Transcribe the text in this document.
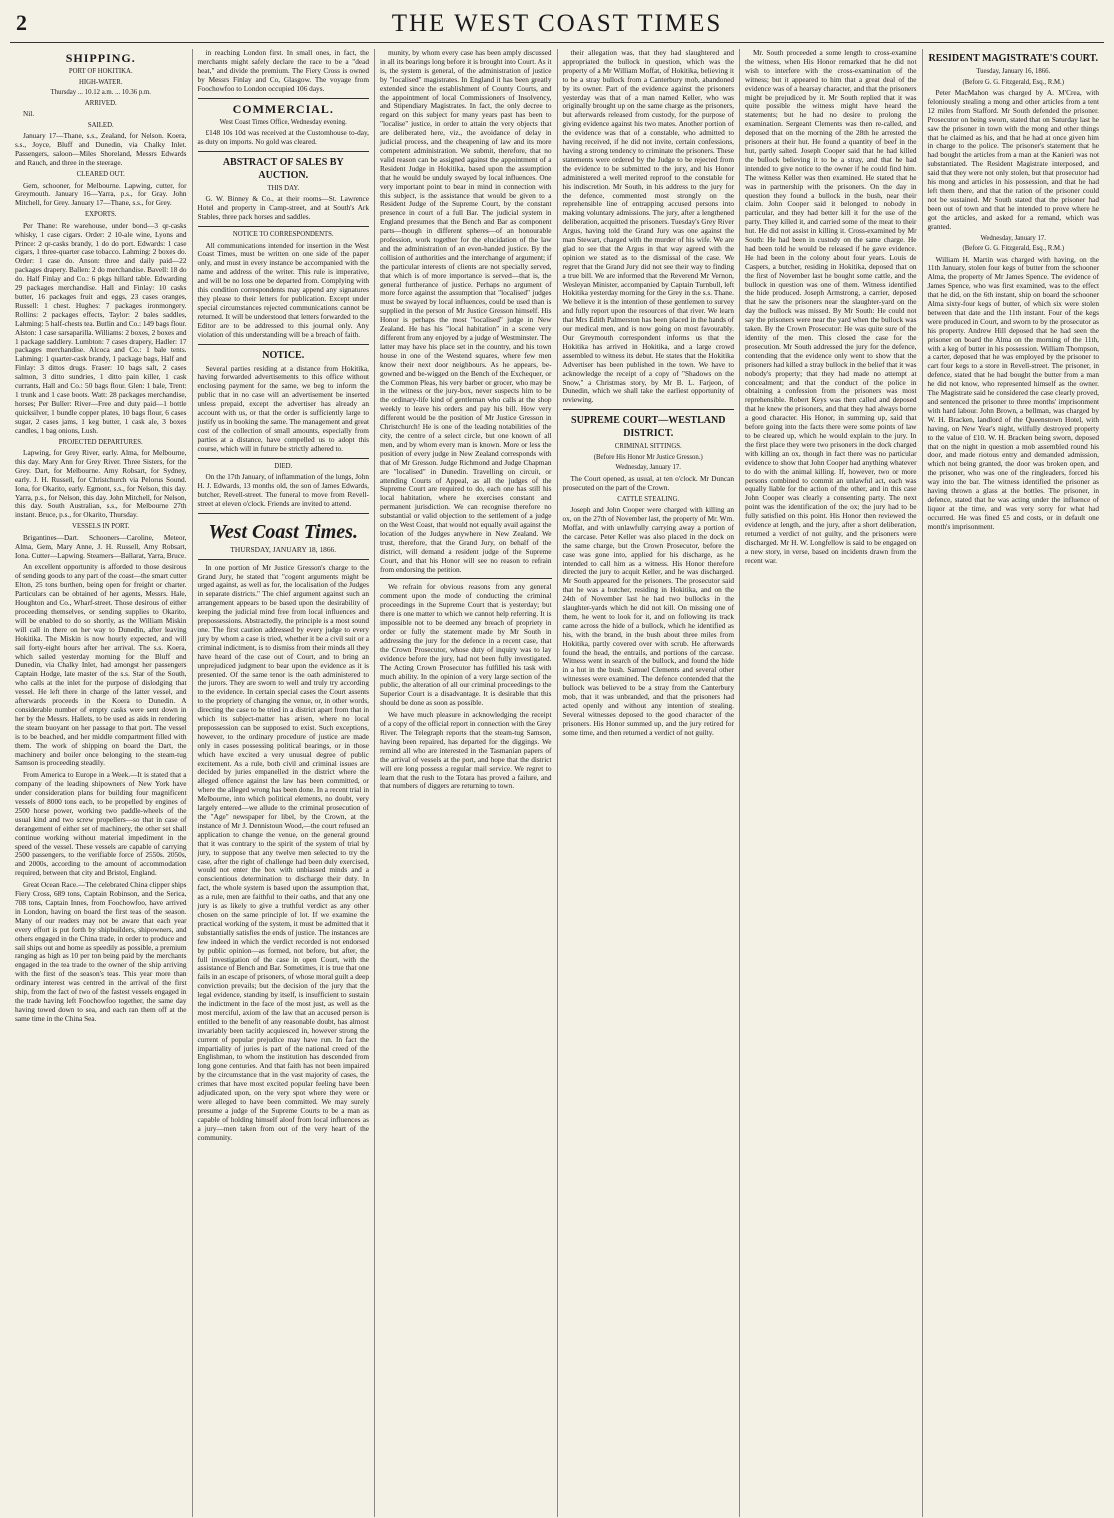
2	THE WEST COAST TIMES
SHIPPING.
PORT OF HOKITIKA.
HIGH-WATER.
Thursday ... 10.12 a.m. ... 10.36 p.m.
ARRIVED.

Nil.

SAILED.

January 17—Thane, s.s., Zealand, for Nelson. Koera, s.s., Joyce, Bluff and Dunedin, via Chalky Inlet. Passengers, saloon—Miles Shoreland, Messrs Edwards and Rauch, and three in the steerage.

CLEARED OUT.

Gem, schooner, for Melbourne. Lapwing, cutter, for Greymouth. January 16—Yarra, p.s., for Gray. John Mitchell, for Grey. January 17—Thane, s.s., for Grey.

EXPORTS.

Per Thane: Re warehouse, under bond—3 qr-casks whisky, 1 case cigars. Order: 2 10-ale wine, Lyons and Prince: 2 qr-casks brandy, 1 do do port. Edwards: 1 case cigars, 1 three-quarter case tobacco. Lahming: 2 boxes do. Order: 1 case do. Anson: three and daily paid—22 packages drapery. Ballen: 2 do merchandise. Bavell: 18 do do. Half Finlay and Co.: 6 pkgs hillard table. Edwarding 29 packages merchandise. Hall and Finlay: 10 casks butter, 16 packages fruit and eggs, 23 cases oranges, Russell: 1 chest. Hughes: 7 packages ironmongery. Rollins: 2 packages effects, Taylor: 2 bales saddles, Lahming: 5 half-chests tea. Butlin and Co.: 149 bags flour. Alston: 1 case sarsaparilla. Williams: 2 boxes, 2 boxes and 1 package saddlery. Lumbton: 7 cases drapery, Hadler: 17 packages merchandise. Alcoca and Co.: 1 bale tents. Lahming: 1 quarter-cask brandy, 1 package bags, Half and Finlay: 3 dittos drugs. Fraser: 10 bags salt, 2 cases salmon, 3 ditto sundries, 1 ditto pain killer, 1 cask currants, Hall and Co.: 50 bags flour. Glen: 1 bale, Trent: 1 trunk and 1 case boots. Watt: 28 packages merchandise, horses; Per Buller: River—Free and duty paid—1 bottle quicksilver, 1 bundle copper plates, 10 bags flour, 6 cases sugar, 2 cases jams, 1 keg butter, 1 cask ale, 3 boxes candles, 1 bag onions, Lush.

PROJECTED DEPARTURES.

Lapwing, for Grey River, early. Alma, for Melbourne, this day. Mary Ann for Grey River. Three Sisters, for the Grey. Dart, for Melbourne. Amy Robsart, for Sydney, early. J. H. Russell, for Christchurch via Pelorus Sound. Iona, for Okarito, early. Egmont, s.s., for Nelson, this day. Yarra, p.s., for Nelson, this day. John Mitchell, for Nelson, this day. South Australian, s.s., for Melbourne 27th instant. Bruce, p.s., for Okarito, Thursday.

VESSELS IN PORT.

Brigantines—Dart. Schooners—Caroline, Meteor, Alma, Gem, Mary Anne, J. H. Russell, Amy Robsart, Iona. Cutter—Lapwing. Steamers—Ballarat, Yarra, Bruce.

An excellent opportunity is afforded to those desirous of sending goods to any part of the coast—the smart cutter Elton, 25 tons burthen, being open for freight or charter. Particulars can be obtained of her agents, Messrs. Hale, Houghton and Co., Wharf-street. Those desirous of either proceeding themselves, or sending supplies to Okarito, will be enabled to do so shortly, as the William Miskin will call in there on her way to Dunedin, after leaving Hokitika. The Miskin is now hourly expected, and will sail forty-eight hours after her arrival. The s.s. Koera, which sailed yesterday morning for the Bluff and Dunedin, via Chalky Inlet, had amongst her passengers Captain Hodge, late master of the s.s. Star of the South, who calls at the inlet for the purpose of dislodging that vessel. He left there in charge of the latter vessel, and afterwards proceeds in the Koera to Dunedin. A considerable number of empty casks were sent down in her by the Messrs. Hallets, to be used as aids in rendering the steam buoyant on her passage to that port. The vessel is to be beached, and her middle compartment filled with them. The work of shipping on board the Dart, the machinery and boiler once belonging to the steam-tug Samson is proceeding steadily.

From America to Europe in a Week.—It is stated that a company of the leading shipowners of New York have under consideration plans for building four magnificent vessels of 8000 tons each, to be propelled by engines of 2500 horse power, working two paddle-wheels of the usual kind and two screw propellers—so that in case of derangement of either set of machinery, the other set shall continue working without material impediment in the speed of the vessel. These vessels are capable of carrying 2500 passengers, to the verifiable force of 2550s. 2050s, and 2000s, according to the amount of accommodation required, between that city and Bristol, England.

Great Ocean Race.—The celebrated China clipper ships Fiery Cross, 689 tons, Captain Robinson, and the Serica, 708 tons, Captain Innes, from Foochowfoo, have arrived in London, having on board the first teas of the season. Many of our readers may not be aware that each year every effort is put forth by shipbuilders, shipowners, and others engaged in the China trade, in order to produce and sail ships out and home as speedily as possible, a premium ranging as high as 10 per ton being paid by the merchants engaged in the tea trade to the owner of the ship arriving with the first of the season's teas. This year more than ordinary interest was centred in the arrival of the first ship, from the fact of two of the fastest vessels engaged in the trade having left Foochowfoo together, the same day having towed down to sea, and each ran them off at the same time in the China Sea.

in reaching London first. In small ones, in fact, the merchants might safely declare the race to be a "dead heat," and divide the premium. The Fiery Cross is owned by Messrs Finlay and Co, Glasgow. The voyage from Foochowfoo to London occupied 106 days.

COMMERCIAL.
West Coast Times Office, Wednesday evening.

£148 10s 10d was received at the Customhouse to-day, as duty on imports. No gold was cleared.

ABSTRACT OF SALES BY AUCTION.
THIS DAY.

G. W. Binney & Co., at their rooms—St. Lawrence Hotel and property in Camp-street, and at South's Ark Stables, three pack horses and saddles.

NOTICE TO CORRESPONDENTS.

All communications intended for insertion in the West Coast Times, must be written on one side of the paper only, and must in every instance be accompanied with the name and address of the writer. This rule is imperative, and will be no loss one be departed from. Complying with this condition correspondents may append any signatures they please to their letters for publication. Except under special circumstances rejected communications cannot be returned. It will be understood that letters forwarded to the Editor are to be addressed to this journal only. Any violation of this understanding will be a breach of faith.

NOTICE.

Several parties residing at a distance from Hokitika, having forwarded advertisements to this office without enclosing payment for the same, we beg to inform the public that in no case will an advertisement be inserted unless prepaid, except the advertiser has already an account with us, or that the order is sufficiently large to justify us in booking the same. The management and great cost of the collection of small amounts, especially from parties at a distance, have compelled us to adopt this course, which will in future be strictly adhered to.

DIED.

On the 17th January, of inflammation of the lungs, John H. J. Edwards, 13 months old, the son of James Edwards, butcher, Revell-street. The funeral to move from Revell-street at eleven o'clock. Friends are invited to attend.

West Coast Times.
THURSDAY, JANUARY 18, 1866.

In one portion of Mr Justice Gresson's charge to the Grand Jury, he stated that "cogent arguments might be urged against, as well as for, the localisation of the Judges in separate districts." The chief argument against such an arrangement appears to be based upon the desirability of keeping the judicial mind free from local influences and prepossessions. Abstractedly, the principle is a most sound one. The first caution addressed by every judge to every jury by whom a case is tried, whether it be a civil suit or a criminal indictment, is to dismiss from their minds all they have heard of the case out of Court, and to bring an unprejudiced judgment to bear upon the evidence as it is presented. Of the same tenor is the oath administered to the jurors. They are sworn to well and truly try according to the evidence. In certain special cases the Court assents to the propriety of changing the venue, or, in other words, directing the case to be tried in a district apart from that in which its subject-matter has arisen, where no local prepossession can be supposed to exist. Such exceptions, however, to the ordinary procedure of justice are made only in cases possessing political bearings, or in those which have excited a very unusual degree of public excitement. As a rule, both civil and criminal issues are decided by juries empanelled in the district where the alleged offence against the law has been committed, or where the alleged wrong has been done. In a recent trial in Melbourne, into which political elements, no doubt, very largely entered—we allude to the criminal prosecution of the "Age" newspaper for libel, by the Crown, at the instance of Mr J. Dennistoun Wood,—the court refused an application to change the venue, on the general ground that it was contrary to the spirit of the system of trial by jury, to suppose that any twelve men selected to try the case, after the right of challenge had been duly exercised, would not enter the box with unbiassed minds and a conscientious determination to discharge their duty. In fact, the whole system is based upon the assumption that, as a rule, men are faithful to their oaths, and that any one jury is as likely to give a truthful verdict as any other chosen on the same principle of lot. If we examine the practical working of the system, it must be admitted that it substantially satisfies the ends of justice. The instances are few indeed in which the verdict recorded is not endorsed by public opinion—as formed, not before, but after, the full investigation of the case in open Court, with the assistance of Bench and Bar. Sometimes, it is true that one fails in an escape of prisoners, of whose moral guilt a deep conviction prevails; but the decision of the jury that the legal evidence, standing by itself, is insufficient to sustain the indictment in the face of the most just, as well as the most merciful, axiom of the law that an accused person is entitled to the benefit of any reasonable doubt, has almost invariably been tacitly acquiesced in, however strong the current of popular prejudice may have run. In fact the impartiality of juries is part of the national creed of the Englishman, to whom the institution has descended from long gone centuries. And that faith has not been impaired by the circumstance that in the vast majority of cases, the crimes that have most excited popular feeling have been adjudicated upon, on the very spot where they were or were alleged to have been committed. We may surely presume a judge of the Supreme Courts to be a man as capable of holding himself aloof from local influences as a jury—men taken from out of the very heart of the community.

munity, by whom every case has been amply discussed in all its bearings long before it is brought into Court. As it is, the system is general, of the administration of justice by "localised" magistrates. In England it has been greatly extended since the establishment of County Courts, and the appointment of local Commissioners of Insolvency, and Stipendiary Magistrates. In fact, the only decree to regard on this subject for many years past has been to "localise" justice, in order to attain the very objects that are deliberated here, viz., the avoidance of delay in judicial process, and the cheapening of law and its more competent administration. We submit, therefore, that no valid reason can be assigned against the appointment of a Resident Judge in Hokitika, based upon the assumption that he would be unduly swayed by local influences. One very important point to bear in mind in connection with this subject, is the assistance that would be given to a Resident Judge of the Supreme Court, by the constant presence in court of a full Bar. The judicial system in England presumes that the Bench and Bar as component parts—though in different spheres—of an honourable profession, work together for the elucidation of the law and the administration of an even-handed justice. By the collision of authorities and the interchange of argument; if the particular interests of clients are not specially served, that which is of more importance is served—that is, the general furtherance of justice. Perhaps no argument of more force against the assumption that "localised" judges must be swayed by local influences, could be used than is supplied in the person of Mr Justice Gresson himself. His Honor is perhaps the most "localised" judge in New Zealand. He has his "local habitation" in a scene very different from any enjoyed by a judge of Westminster. The latter may have his place set in the country, and his town house in one of the Westend squares, where few men know their next door neighbours. As he appears, be-gowned and be-wigged on the Bench of the Exchequer, or the Common Pleas, his very barber or grocer, who may be in the witness or the jury-box, never suspects him to be the ordinary-life kind of gentleman who calls at the shop weekly to leave his orders and pay his bill. How very different would be the position of Mr Justice Gresson in Christchurch! He is one of the leading notabilities of the city, the centre of a select circle, but one known of all men, and by whom every man is known. More or less the position of every judge in New Zealand corresponds with that of Mr Gresson. Judge Richmond and Judge Chapman are "localised" in Dunedin. Travelling on circuit, or attending Courts of Appeal, as all the judges of the Supreme Court are required to do, each one has still his local habitation, where he exercises constant and permanent jurisdiction. We can recognise therefore no substantial or valid objection to the settlement of a judge on the West Coast, that would not equally avail against the location of the Judges anywhere in New Zealand. We trust, therefore, that the Grand Jury, on behalf of the district, will demand a resident judge of the Supreme Court, and that his Honor will see no reason to refrain from endorsing the petition.

We refrain for obvious reasons from any general comment upon the mode of conducting the criminal proceedings in the Supreme Court that is yesterday; but there is one matter to which we cannot help referring. It is impossible not to be deemed any breach of propriety in order or fully the statement made by Mr South in addressing the jury for the defence in a recent case, that the Crown Prosecutor, whose duty of inquiry was to lay evidence before the jury, had not been fully investigated. The Acting Crown Prosecutor has fulfilled his task with much ability. In the opinion of a very large section of the public, the alteration of all our criminal proceedings to the Superior Court is a disadvantage. It is desirable that this should be done as soon as possible.

We have much pleasure in acknowledging the receipt of a copy of the official report in connection with the Grey River. The Telegraph reports that the steam-tug Samson, having been repaired, has departed for the diggings. We remind all who are interested in the Tasmanian papers of the arrival of vessels at the port, and hope that the district will ere long possess a regular mail service. We regret to learn that the rush to the Totara has proved a failure, and that numbers of diggers are returning to town.

their allegation was, that they had slaughtered and appropriated the bullock in question, which was the property of a Mr William Moffat, of Hokitika, believing it to be a stray bullock from a Canterbury mob, abandoned by its owner. Part of the evidence against the prisoners yesterday was that of a man named Keller, who was originally brought up on the same charge as the prisoners, but afterwards released from custody, for the purpose of giving evidence against his two mates. Another portion of the evidence was that of a constable, who admitted to having received, if he did not invite, certain confessions, having a strong tendency to criminate the prisoners. These statements were ordered by the Judge to be rejected from the evidence to be submitted to the jury, and his Honor administered a well merited reproof to the constable for his indiscretion. Mr South, in his address to the jury for the defence, commented most strongly on the reprehensible line of entrapping accused persons into making voluntary admissions. The jury, after a lengthened deliberation, acquitted the prisoners. Tuesday's Grey River Argus, having told the Grand Jury was one against the man Stewart, charged with the murder of his wife. We are glad to see that the Argus in that way agreed with the opinion we stated as to the dismissal of the case. We regret that the Grand Jury did not see their way to finding a true bill. We are informed that the Reverend Mr Vernon, Wesleyan Minister, accompanied by Captain Turnbull, left Hokitika yesterday morning for the Grey in the s.s. Thane. We believe it is the intention of these gentlemen to survey and fully report upon the resources of that river. We learn that Mrs Edith Palmerston has been placed in the hands of our medical men, and is now going on most favourably. Our Greymouth correspondent informs us that the Hokitika has arrived in Hokitika, and a large crowd assembled to witness its debut. He states that the Hokitika Advertiser has been published in the town. We have to acknowledge the receipt of a copy of "Shadows on the Snow," a Christmas story, by Mr B. L. Farjeon, of Dunedin, which we shall take the earliest opportunity of reviewing.

SUPREME COURT—WESTLAND DISTRICT.
CRIMINAL SITTINGS.
(Before His Honor Mr Justice Gresson.)
Wednesday, January 17.

The Court opened, as usual, at ten o'clock. Mr Duncan prosecuted on the part of the Crown.

CATTLE STEALING.

Joseph and John Cooper were charged with killing an ox, on the 27th of November last, the property of Mr. Wm. Moffat, and with unlawfully carrying away a portion of the carcase. Peter Keller was also placed in the dock on the same charge, but the Crown Prosecutor, before the case was gone into, applied for his discharge, as he intended to call him as a witness. His Honor therefore directed the jury to acquit Keller, and he was discharged. Mr South appeared for the prisoners. The prosecutor said that he was a butcher, residing in Hokitika, and on the 24th of November last he had two bullocks in the slaughter-yards which he did not kill. On missing one of them, he went to look for it, and on following its track came across the hide of a bullock, which he identified as his, with the brand, in the bush about three miles from Hokitika, partly covered over with scrub. He afterwards found the head, the entrails, and portions of the carcase. Witness went in search of the bullock, and found the hide in a hut in the bush. Samuel Clements and several other witnesses were examined. The defence contended that the bullock was believed to be a stray from the Canterbury mob, that it was unbranded, and that the prisoners had acted openly and without any intention of stealing. Several witnesses deposed to the good character of the prisoners. His Honor summed up, and the jury retired for some time, and then returned a verdict of not guilty.

Mr. South proceeded a some length to cross-examine the witness, when His Honor remarked that he did not wish to interfere with the cross-examination of the witness; but it appeared to him that a great deal of the evidence was of a hearsay character, and that the prisoners might be prejudiced by it. Mr South replied that it was quite possible the witness might have heard the statements; but he had no desire to prolong the examination. Sergeant Clements was then re-called, and deposed that on the morning of the 28th he arrested the prisoners at their hut. He found a quantity of beef in the hut, partly salted. Joseph Cooper said that he had killed the bullock believing it to be a stray, and that he had intended to give notice to the owner if he could find him. The witness Keller was then examined. He stated that he was in partnership with the prisoners. On the day in question they found a bullock in the bush, near their claim. John Cooper said it belonged to nobody in particular, and they had better kill it for the use of the party. They killed it, and carried some of the meat to their hut. He did not assist in killing it. Cross-examined by Mr South: He had been in custody on the same charge. He had been told he would be released if he gave evidence. He had been in the colony about four years. Louis de Caspers, a butcher, residing in Hokitika, deposed that on the first of November last he bought some cattle, and the bullock in question was one of them. Witness identified the hide produced. Joseph Armstrong, a carrier, deposed that he saw the prisoners near the slaughter-yard on the day the bullock was missed. By Mr South: He could not say the prisoners were near the yard when the bullock was taken. By the Crown Prosecutor: He was quite sure of the identity of the men. This closed the case for the prosecution. Mr South addressed the jury for the defence, contending that the evidence only went to show that the prisoners had killed a stray bullock in the belief that it was nobody's property; that they had made no attempt at concealment; and that the conduct of the police in obtaining a confession from the prisoners was most reprehensible. Robert Keys was then called and deposed that he knew the prisoners, and that they had always borne a good character. His Honor, in summing up, said that before going into the facts there were some points of law to be cleared up, which he would explain to the jury. In the first place they were two prisoners in the dock charged with killing an ox, though in fact there was no particular evidence to show that John Cooper had anything whatever to do with the animal killing. If, however, two or more persons combined to commit an unlawful act, each was equally liable for the action of the other, and in this case John Cooper was clearly a consenting party. The next point was the identification of the ox; the jury had to be fully satisfied on this point. His Honor then reviewed the evidence at length, and the jury, after a short deliberation, returned a verdict of not guilty, and the prisoners were discharged. Mr H. W. Longfellow is said to be engaged on a new story, in verse, based on incidents drawn from the recent war.

RESIDENT MAGISTRATE'S COURT.
Tuesday, January 16, 1866.
(Before G. G. Fitzgerald, Esq., R.M.)

Peter MacMahon was charged by A. M'Crea, with feloniously stealing a mong and other articles from a tent 12 miles from Stafford. Mr South defended the prisoner. Prosecutor on being sworn, stated that on Saturday last he saw the prisoner in town with the mong and other things that he claimed as his, and that he had at once given him in charge to the police. The prisoner's statement that he had bought the articles from a man at the Kanieri was not substantiated. The Resident Magistrate interposed, and said that they were not only stolen, but that prosecutor had his mong and articles in his possession, and that he had left them there, and that the ration of the prisoner could not be sustained. Mr South stated that the prisoner had been out of town and that he intended to prove where he got the articles, and asked for a remand, which was granted.

Wednesday, January 17.
(Before G. G. Fitzgerald, Esq., R.M.)

William H. Martin was charged with having, on the 11th January, stolen four kegs of butter from the schooner Alma, the property of Mr James Spence. The evidence of James Spence, who was first examined, was to the effect that he did, on the 6th instant, ship on board the schooner Alma sixty-four kegs of butter, of which six were stolen between that date and the 11th instant. Four of the kegs were produced in Court, and sworn to by the prosecutor as his property. Andrew Hill deposed that he had seen the prisoner on board the Alma on the morning of the 11th, with a keg of butter in his possession. William Thompson, a carter, deposed that he was employed by the prisoner to cart four kegs to a store in Revell-street. The prisoner, in defence, stated that he had bought the butter from a man he did not know, who represented himself as the owner. The Magistrate said he considered the case clearly proved, and sentenced the prisoner to three months' imprisonment with hard labour. John Brown, a bellman, was charged by W. H. Bracken, landlord of the Queenstown Hotel, with having, on New Year's night, wilfully destroyed property to the value of £10. W. H. Bracken being sworn, deposed that on the night in question a mob assembled round his door, and made riotous entry and demanded admission, which not being granted, the door was broken open, and the prisoner, who was one of the ringleaders, forced his way into the bar. The witness identified the prisoner as having thrown a glass at the bottles. The prisoner, in defence, stated that he was acting under the influence of liquor at the time, and was very sorry for what had occurred. He was fined £5 and costs, or in default one month's imprisonment.
